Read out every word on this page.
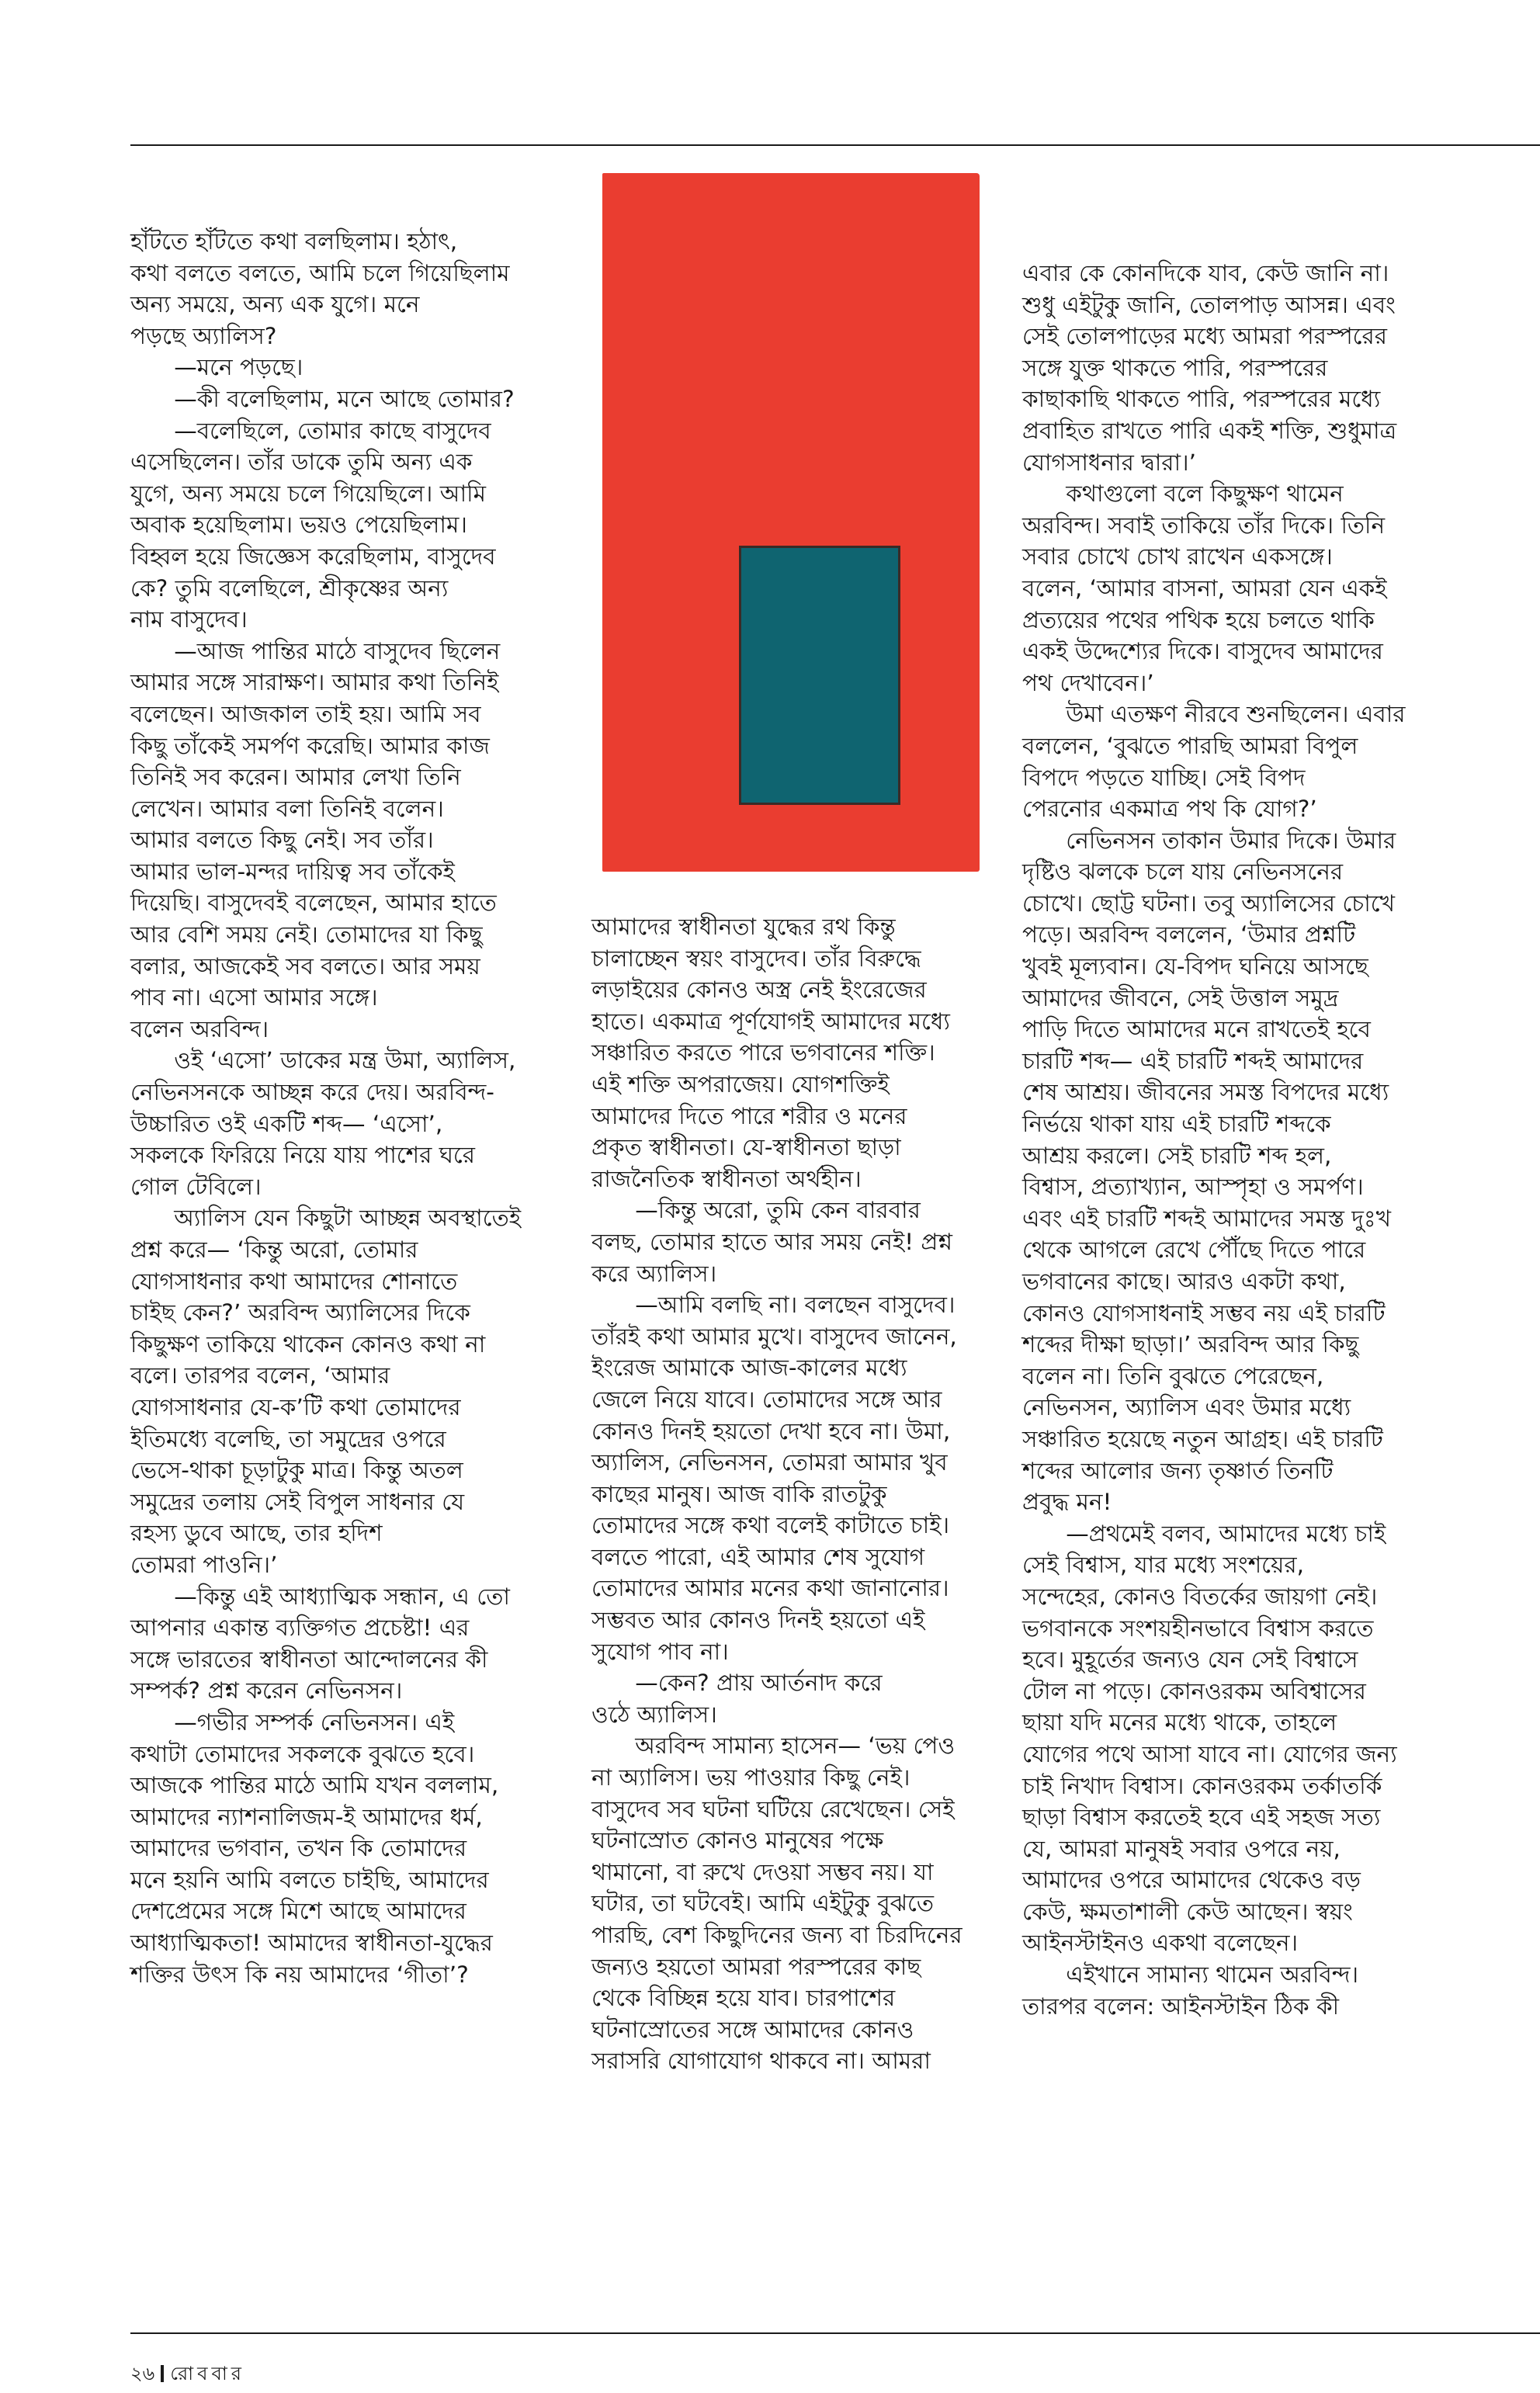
হাঁটতে হাঁটতে কথা বলছিলাম। হঠাৎ,
কথা বলতে বলতে, আমি চলে গিয়েছিলাম
অন্য সময়ে, অন্য এক যুগে। মনে
পড়ছে অ্যালিস?
—মনে পড়ছে।
—কী বলেছিলাম, মনে আছে তোমার?
—বলেছিলে, তোমার কাছে বাসুদেব
এসেছিলেন। তাঁর ডাকে তুমি অন্য এক
যুগে, অন্য সময়ে চলে গিয়েছিলে। আমি
অবাক হয়েছিলাম। ভয়ও পেয়েছিলাম।
বিহ্বল হয়ে জিজ্ঞেস করেছিলাম, বাসুদেব
কে? তুমি বলেছিলে, শ্রীকৃষ্ণের অন্য
নাম বাসুদেব।
—আজ পান্তির মাঠে বাসুদেব ছিলেন
আমার সঙ্গে সারাক্ষণ। আমার কথা তিনিই
বলেছেন। আজকাল তাই হয়। আমি সব
কিছু তাঁকেই সমর্পণ করেছি। আমার কাজ
তিনিই সব করেন। আমার লেখা তিনি
লেখেন। আমার বলা তিনিই বলেন।
আমার বলতে কিছু নেই। সব তাঁর।
আমার ভাল-মন্দর দায়িত্ব সব তাঁকেই
দিয়েছি। বাসুদেবই বলেছেন, আমার হাতে
আর বেশি সময় নেই। তোমাদের যা কিছু
বলার, আজকেই সব বলতে। আর সময়
পাব না। এসো আমার সঙ্গে।
বলেন অরবিন্দ।
ওই ‘এসো’ ডাকের মন্ত্র উমা, অ্যালিস,
নেভিনসনকে আচ্ছন্ন করে দেয়। অরবিন্দ-
উচ্চারিত ওই একটি শব্দ— ‘এসো’,
সকলকে ফিরিয়ে নিয়ে যায় পাশের ঘরে
গোল টেবিলে।
অ্যালিস যেন কিছুটা আচ্ছন্ন অবস্থাতেই
প্রশ্ন করে— ‘কিন্তু অরো, তোমার
যোগসাধনার কথা আমাদের শোনাতে
চাইছ কেন?’ অরবিন্দ অ্যালিসের দিকে
কিছুক্ষণ তাকিয়ে থাকেন কোনও কথা না
বলে। তারপর বলেন, ‘আমার
যোগসাধনার যে-ক’টি কথা তোমাদের
ইতিমধ্যে বলেছি, তা সমুদ্রের ওপরে
ভেসে-থাকা চূড়াটুকু মাত্র। কিন্তু অতল
সমুদ্রের তলায় সেই বিপুল সাধনার যে
রহস্য ডুবে আছে, তার হদিশ
তোমরা পাওনি।’
—কিন্তু এই আধ্যাত্মিক সন্ধান, এ তো
আপনার একান্ত ব্যক্তিগত প্রচেষ্টা! এর
সঙ্গে ভারতের স্বাধীনতা আন্দোলনের কী
সম্পর্ক? প্রশ্ন করেন নেভিনসন।
—গভীর সম্পর্ক নেভিনসন। এই
কথাটা তোমাদের সকলকে বুঝতে হবে।
আজকে পান্তির মাঠে আমি যখন বললাম,
আমাদের ন্যাশনালিজম-ই আমাদের ধর্ম,
আমাদের ভগবান, তখন কি তোমাদের
মনে হয়নি আমি বলতে চাইছি, আমাদের
দেশপ্রেমের সঙ্গে মিশে আছে আমাদের
আধ্যাত্মিকতা! আমাদের স্বাধীনতা-যুদ্ধের
শক্তির উৎস কি নয় আমাদের ‘গীতা’?
আমাদের স্বাধীনতা যুদ্ধের রথ কিন্তু
চালাচ্ছেন স্বয়ং বাসুদেব। তাঁর বিরুদ্ধে
লড়াইয়ের কোনও অস্ত্র নেই ইংরেজের
হাতে। একমাত্র পূর্ণযোগই আমাদের মধ্যে
সঞ্চারিত করতে পারে ভগবানের শক্তি।
এই শক্তি অপরাজেয়। যোগশক্তিই
আমাদের দিতে পারে শরীর ও মনের
প্রকৃত স্বাধীনতা। যে-স্বাধীনতা ছাড়া
রাজনৈতিক স্বাধীনতা অর্থহীন।
—কিন্তু অরো, তুমি কেন বারবার
বলছ, তোমার হাতে আর সময় নেই! প্রশ্ন
করে অ্যালিস।
—আমি বলছি না। বলছেন বাসুদেব।
তাঁরই কথা আমার মুখে। বাসুদেব জানেন,
ইংরেজ আমাকে আজ-কালের মধ্যে
জেলে নিয়ে যাবে। তোমাদের সঙ্গে আর
কোনও দিনই হয়তো দেখা হবে না। উমা,
অ্যালিস, নেভিনসন, তোমরা আমার খুব
কাছের মানুষ। আজ বাকি রাতটুকু
তোমাদের সঙ্গে কথা বলেই কাটাতে চাই।
বলতে পারো, এই আমার শেষ সুযোগ
তোমাদের আমার মনের কথা জানানোর।
সম্ভবত আর কোনও দিনই হয়তো এই
সুযোগ পাব না।
—কেন? প্রায় আর্তনাদ করে
ওঠে অ্যালিস।
অরবিন্দ সামান্য হাসেন— ‘ভয় পেও
না অ্যালিস। ভয় পাওয়ার কিছু নেই।
বাসুদেব সব ঘটনা ঘটিয়ে রেখেছেন। সেই
ঘটনাস্রোত কোনও মানুষের পক্ষে
থামানো, বা রুখে দেওয়া সম্ভব নয়। যা
ঘটার, তা ঘটবেই। আমি এইটুকু বুঝতে
পারছি, বেশ কিছুদিনের জন্য বা চিরদিনের
জন্যও হয়তো আমরা পরস্পরের কাছ
থেকে বিচ্ছিন্ন হয়ে যাব। চারপাশের
ঘটনাস্রোতের সঙ্গে আমাদের কোনও
সরাসরি যোগাযোগ থাকবে না। আমরা
এবার কে কোনদিকে যাব, কেউ জানি না।
শুধু এইটুকু জানি, তোলপাড় আসন্ন। এবং
সেই তোলপাড়ের মধ্যে আমরা পরস্পরের
সঙ্গে যুক্ত থাকতে পারি, পরস্পরের
কাছাকাছি থাকতে পারি, পরস্পরের মধ্যে
প্রবাহিত রাখতে পারি একই শক্তি, শুধুমাত্র
যোগসাধনার দ্বারা।’
কথাগুলো বলে কিছুক্ষণ থামেন
অরবিন্দ। সবাই তাকিয়ে তাঁর দিকে। তিনি
সবার চোখে চোখ রাখেন একসঙ্গে।
বলেন, ‘আমার বাসনা, আমরা যেন একই
প্রত্যয়ের পথের পথিক হয়ে চলতে থাকি
একই উদ্দেশ্যের দিকে। বাসুদেব আমাদের
পথ দেখাবেন।’
উমা এতক্ষণ নীরবে শুনছিলেন। এবার
বললেন, ‘বুঝতে পারছি আমরা বিপুল
বিপদে পড়তে যাচ্ছি। সেই বিপদ
পেরনোর একমাত্র পথ কি যোগ?’
নেভিনসন তাকান উমার দিকে। উমার
দৃষ্টিও ঝলকে চলে যায় নেভিনসনের
চোখে। ছোট্ট ঘটনা। তবু অ্যালিসের চোখে
পড়ে। অরবিন্দ বললেন, ‘উমার প্রশ্নটি
খুবই মূল্যবান। যে-বিপদ ঘনিয়ে আসছে
আমাদের জীবনে, সেই উত্তাল সমুদ্র
পাড়ি দিতে আমাদের মনে রাখতেই হবে
চারটি শব্দ— এই চারটি শব্দই আমাদের
শেষ আশ্রয়। জীবনের সমস্ত বিপদের মধ্যে
নির্ভয়ে থাকা যায় এই চারটি শব্দকে
আশ্রয় করলে। সেই চারটি শব্দ হল,
বিশ্বাস, প্রত্যাখ্যান, আস্পৃহা ও সমর্পণ।
এবং এই চারটি শব্দই আমাদের সমস্ত দুঃখ
থেকে আগলে রেখে পৌঁছে দিতে পারে
ভগবানের কাছে। আরও একটা কথা,
কোনও যোগসাধনাই সম্ভব নয় এই চারটি
শব্দের দীক্ষা ছাড়া।’ অরবিন্দ আর কিছু
বলেন না। তিনি বুঝতে পেরেছেন,
নেভিনসন, অ্যালিস এবং উমার মধ্যে
সঞ্চারিত হয়েছে নতুন আগ্রহ। এই চারটি
শব্দের আলোর জন্য তৃষ্ণার্ত তিনটি
প্রবুদ্ধ মন!
—প্রথমেই বলব, আমাদের মধ্যে চাই
সেই বিশ্বাস, যার মধ্যে সংশয়ের,
সন্দেহের, কোনও বিতর্কের জায়গা নেই।
ভগবানকে সংশয়হীনভাবে বিশ্বাস করতে
হবে। মুহূর্তের জন্যও যেন সেই বিশ্বাসে
টোল না পড়ে। কোনওরকম অবিশ্বাসের
ছায়া যদি মনের মধ্যে থাকে, তাহলে
যোগের পথে আসা যাবে না। যোগের জন্য
চাই নিখাদ বিশ্বাস। কোনওরকম তর্কাতর্কি
ছাড়া বিশ্বাস করতেই হবে এই সহজ সত্য
যে, আমরা মানুষই সবার ওপরে নয়,
আমাদের ওপরে আমাদের থেকেও বড়
কেউ, ক্ষমতাশালী কেউ আছেন। স্বয়ং
আইনস্টাইনও একথা বলেছেন।
এইখানে সামান্য থামেন অরবিন্দ।
তারপর বলেন: আইনস্টাইন ঠিক কী
২৬ রোববার
